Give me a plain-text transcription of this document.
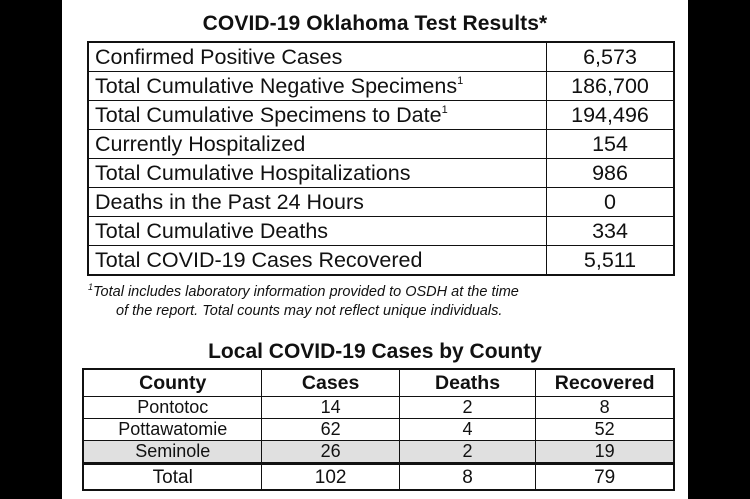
COVID-19 Oklahoma Test Results*
Confirmed Positive Cases	6,573
Total Cumulative Negative Specimens$^1$	186,700
Total Cumulative Specimens to Date$^1$	194,496
Currently Hospitalized	154
Total Cumulative Hospitalizations	986
Deaths in the Past 24 Hours	0
Total Cumulative Deaths	334
Total COVID-19 Cases Recovered	5,511
$^1$Total includes laboratory information provided to OSDH at the time
of the report. Total counts may not reflect unique individuals.
Local COVID-19 Cases by County
County	Cases	Deaths	Recovered
Pontotoc	14	2	8
Pottawatomie	62	4	52
Seminole	26	2	19
Total	102	8	79
